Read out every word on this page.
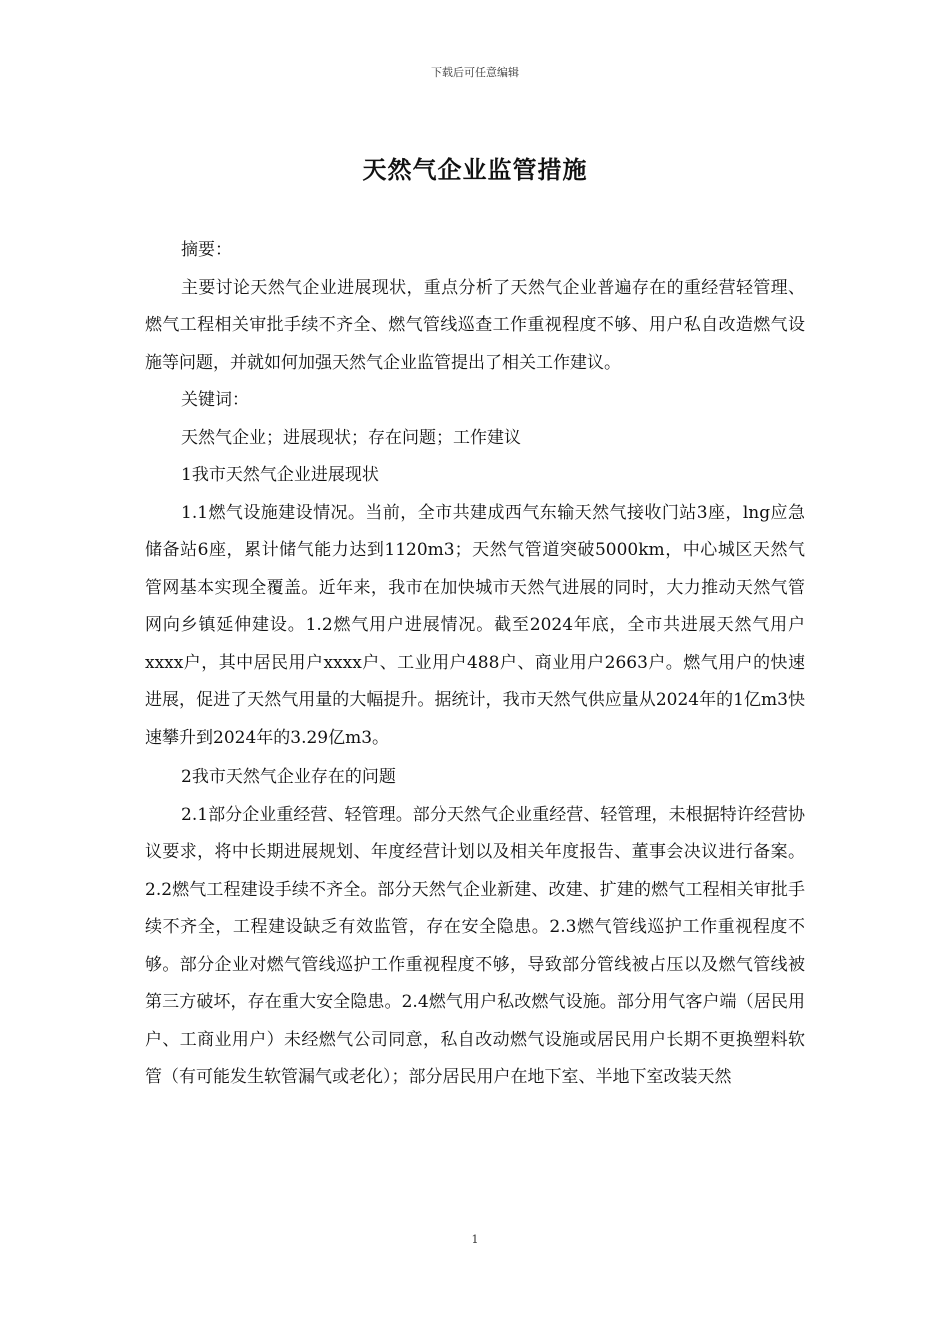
下载后可任意编辑
天然气企业监管措施

摘要：

主要讨论天然气企业进展现状，重点分析了天然气企业普遍存在的重经营轻管理、燃气工程相关审批手续不齐全、燃气管线巡查工作重视程度不够、用户私自改造燃气设施等问题，并就如何加强天然气企业监管提出了相关工作建议。

关键词：

天然气企业；进展现状；存在问题；工作建议

1我市天然气企业进展现状

1.1燃气设施建设情况。当前，全市共建成西气东输天然气接收门站3座，lng应急储备站6座，累计储气能力达到1120m3；天然气管道突破5000km，中心城区天然气管网基本实现全覆盖。近年来，我市在加快城市天然气进展的同时，大力推动天然气管网向乡镇延伸建设。1.2燃气用户进展情况。截至2024年底，全市共进展天然气用户xxxx户，其中居民用户xxxx户、工业用户488户、商业用户2663户。燃气用户的快速进展，促进了天然气用量的大幅提升。据统计，我市天然气供应量从2024年的1亿m3快速攀升到2024年的3.29亿m3。

2我市天然气企业存在的问题

2.1部分企业重经营、轻管理。部分天然气企业重经营、轻管理，未根据特许经营协议要求，将中长期进展规划、年度经营计划以及相关年度报告、董事会决议进行备案。2.2燃气工程建设手续不齐全。部分天然气企业新建、改建、扩建的燃气工程相关审批手续不齐全，工程建设缺乏有效监管，存在安全隐患。2.3燃气管线巡护工作重视程度不够。部分企业对燃气管线巡护工作重视程度不够，导致部分管线被占压以及燃气管线被第三方破坏，存在重大安全隐患。2.4燃气用户私改燃气设施。部分用气客户端（居民用户、工商业用户）未经燃气公司同意，私自改动燃气设施或居民用户长期不更换塑料软管（有可能发生软管漏气或老化）；部分居民用户在地下室、半地下室改装天然

1
